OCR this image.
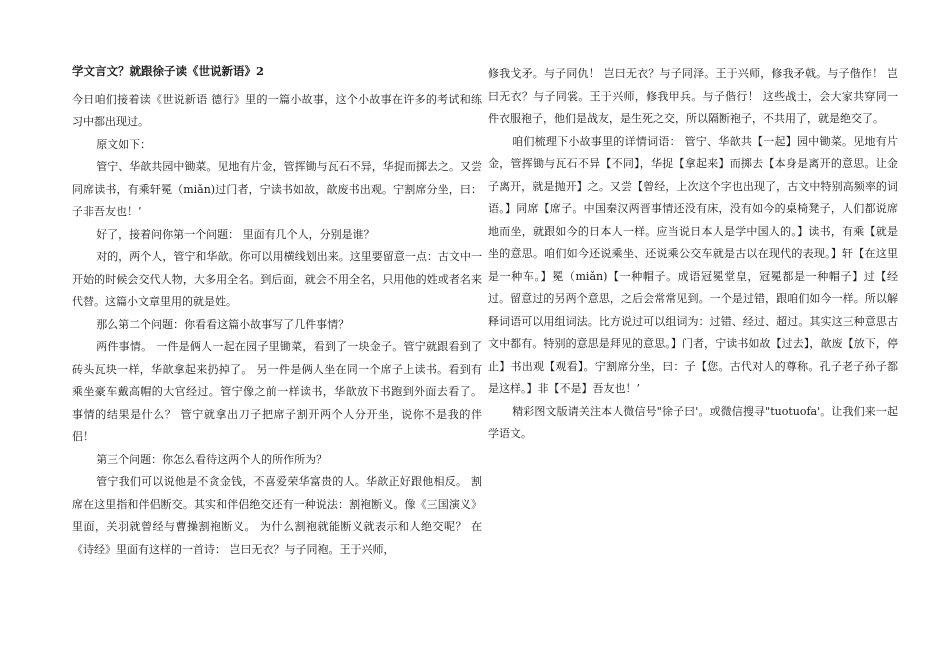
学文言文？就跟徐子读《世说新语》2

今日咱们接着读《世说新语 德行》里的一篇小故事，这个小故事在许多的考试和练习中都出现过。

原文如下：

管宁、华歆共园中锄菜。见地有片金，管挥锄与瓦石不异，华捉而掷去之。又尝同席读书，有乘轩冕（miǎn)过门者，宁读书如故，歆废书出观。宁割席分坐，曰：子非吾友也！’

好了，接着问你第一个问题： 里面有几个人，分别是谁？

对的，两个人，管宁和华歆。你可以用横线划出来。这里要留意一点：古文中一开始的时候会交代人物，大多用全名。到后面，就会不用全名，只用他的姓或者名来代替。这篇小文章里用的就是姓。

那么第二个问题：你看看这篇小故事写了几件事情？

两件事情。 一件是俩人一起在园子里锄菜，看到了一块金子。管宁就跟看到了砖头瓦块一样，华歆拿起来扔掉了。 另一件是俩人坐在同一个席子上读书。看到有乘坐豪车戴高帽的大官经过。管宁像之前一样读书，华歆放下书跑到外面去看了。 事情的结果是什么？ 管宁就拿出刀子把席子割开两个人分开坐，说你不是我的伴侣！

第三个问题：你怎么看待这两个人的所作所为？

管宁我们可以说他是不贪金钱，不喜爱荣华富贵的人。华歆正好跟他相反。 割席在这里指和伴侣断交。其实和伴侣绝交还有一种说法：割袍断义。像《三国演义》里面，关羽就曾经与曹操割袍断义。 为什么割袍就能断义就表示和人绝交呢？ 在《诗经》里面有这样的一首诗： 岂曰无衣？与子同袍。王于兴师，

修我戈矛。与子同仇！ 岂曰无衣？与子同泽。王于兴师，修我矛戟。与子偕作！ 岂曰无衣？与子同裳。王于兴师，修我甲兵。与子偕行！ 这些战士，会大家共穿同一件衣服袍子，他们是战友，是生死之交，所以隔断袍子，不共用了，就是绝交了。

咱们梳理下小故事里的详情词语： 管宁、华歆共【一起】园中锄菜。见地有片金，管挥锄与瓦石不异【不同】，华捉【拿起来】而掷去【本身是离开的意思。让金子离开，就是抛开】之。又尝【曾经，上次这个字也出现了，古文中特别高频率的词语。】同席【席子。中国秦汉两晋事情还没有床，没有如今的桌椅凳子，人们都说席地而坐，就跟如今的日本人一样。应当说日本人是学中国人的。】读书，有乘【就是坐的意思。咱们如今还说乘坐、还说乘公交车就是古以在现代的表现。】轩【在这里是一种车。】冕（miǎn)【一种帽子。成语冠冕堂皇，冠冕都是一种帽子】过【经过。留意过的另两个意思，之后会常常见到。一个是过错，跟咱们如今一样。所以解释词语可以用组词法。比方说过可以组词为：过错、经过、超过。其实这三种意思古文中都有。特别的意思是拜见的意思。】门者，宁读书如故【过去】，歆废【放下，停止】书出观【观看】。宁割席分坐，曰：子【您。古代对人的尊称。孔子老子孙子都是这样。】非【不是】吾友也！’

精彩图文版请关注本人微信号"徐子曰'。或微信搜寻"tuotuofa'。让我们来一起学语文。
